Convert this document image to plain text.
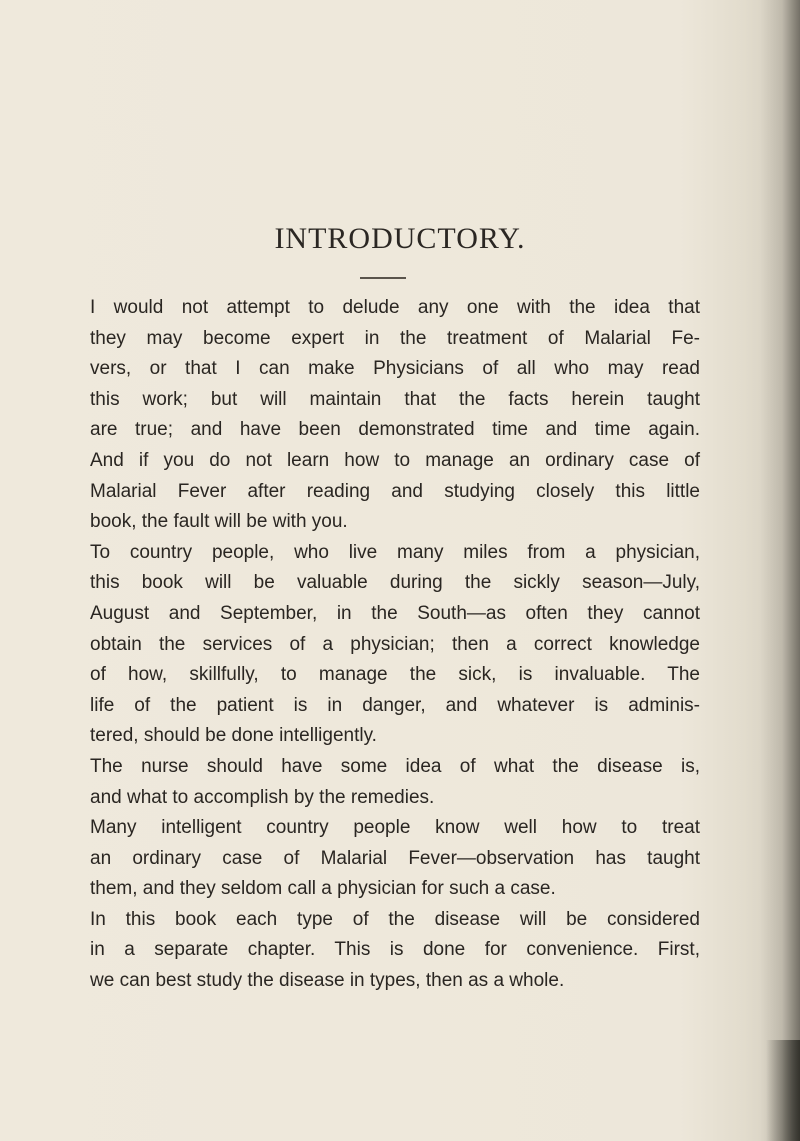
INTRODUCTORY.
I would not attempt to delude any one with the idea that
they may become expert in the treatment of Malarial Fe-
vers, or that I can make Physicians of all who may read
this work; but will maintain that the facts herein taught
are true; and have been demonstrated time and time again.
And if you do not learn how to manage an ordinary case of
Malarial Fever after reading and studying closely this little
book, the fault will be with you.
To country people, who live many miles from a physician,
this book will be valuable during the sickly season—July,
August and September, in the South—as often they cannot
obtain the services of a physician; then a correct knowledge
of how, skillfully, to manage the sick, is invaluable. The
life of the patient is in danger, and whatever is adminis-
tered, should be done intelligently.
The nurse should have some idea of what the disease is,
and what to accomplish by the remedies.
Many intelligent country people know well how to treat
an ordinary case of Malarial Fever—observation has taught
them, and they seldom call a physician for such a case.
In this book each type of the disease will be considered
in a separate chapter. This is done for convenience. First,
we can best study the disease in types, then as a whole.
